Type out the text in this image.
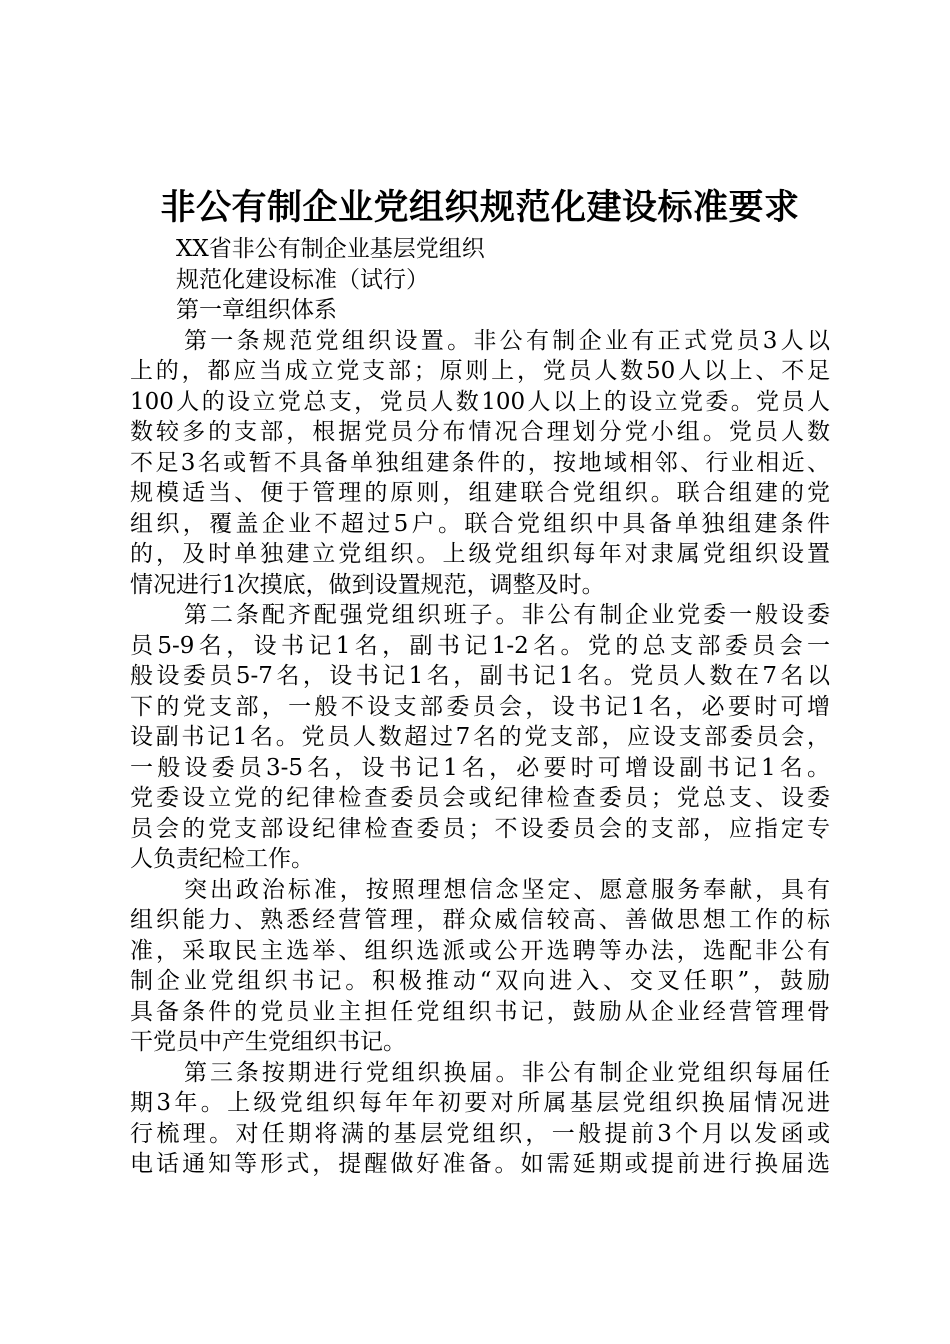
非公有制企业党组织规范化建设标准要求
XX省非公有制企业基层党组织
规范化建设标准（试行）
第一章组织体系
第一条规范党组织设置。非公有制企业有正式党员3人以
上的，都应当成立党支部；原则上，党员人数50人以上、不足
100人的设立党总支，党员人数100人以上的设立党委。党员人
数较多的支部，根据党员分布情况合理划分党小组。党员人数
不足3名或暂不具备单独组建条件的，按地域相邻、行业相近、
规模适当、便于管理的原则，组建联合党组织。联合组建的党
组织，覆盖企业不超过5户。联合党组织中具备单独组建条件
的，及时单独建立党组织。上级党组织每年对隶属党组织设置
情况进行1次摸底，做到设置规范，调整及时。
第二条配齐配强党组织班子。非公有制企业党委一般设委
员5-9名，设书记1名，副书记1-2名。党的总支部委员会一
般设委员5-7名，设书记1名，副书记1名。党员人数在7名以
下的党支部，一般不设支部委员会，设书记1名，必要时可增
设副书记1名。党员人数超过7名的党支部，应设支部委员会，
一般设委员3-5名，设书记1名，必要时可增设副书记1名。
党委设立党的纪律检查委员会或纪律检查委员；党总支、设委
员会的党支部设纪律检查委员；不设委员会的支部，应指定专
人负责纪检工作。
突出政治标准，按照理想信念坚定、愿意服务奉献，具有
组织能力、熟悉经营管理，群众威信较高、善做思想工作的标
准，采取民主选举、组织选派或公开选聘等办法，选配非公有
制企业党组织书记。积极推动“双向进入、交叉任职”，鼓励
具备条件的党员业主担任党组织书记，鼓励从企业经营管理骨
干党员中产生党组织书记。
第三条按期进行党组织换届。非公有制企业党组织每届任
期3年。上级党组织每年年初要对所属基层党组织换届情况进
行梳理。对任期将满的基层党组织，一般提前3个月以发函或
电话通知等形式，提醒做好准备。如需延期或提前进行换届选
